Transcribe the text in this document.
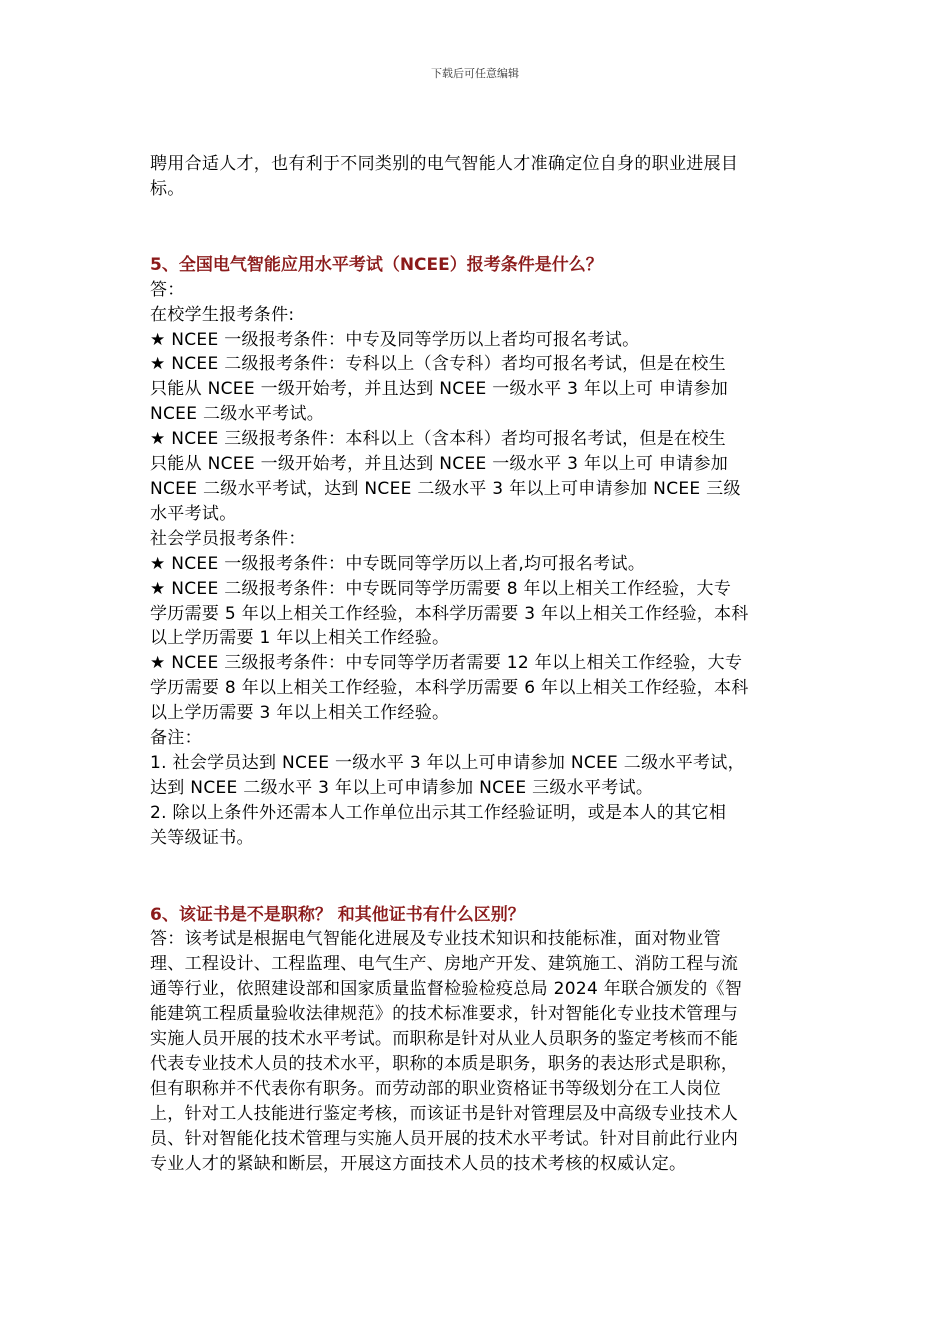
下载后可任意编辑
聘用合适人才，也有利于不同类别的电气智能人才准确定位自身的职业进展目
标。
5、全国电气智能应用水平考试（NCEE）报考条件是什么？
答：
在校学生报考条件:
★ NCEE 一级报考条件：中专及同等学历以上者均可报名考试。
★ NCEE 二级报考条件：专科以上（含专科）者均可报名考试，但是在校生
只能从 NCEE 一级开始考，并且达到 NCEE 一级水平 3 年以上可 申请参加
NCEE 二级水平考试。
★ NCEE 三级报考条件：本科以上（含本科）者均可报名考试，但是在校生
只能从 NCEE 一级开始考，并且达到 NCEE 一级水平 3 年以上可 申请参加
NCEE 二级水平考试，达到 NCEE 二级水平 3 年以上可申请参加 NCEE 三级
水平考试。
社会学员报考条件：
★ NCEE 一级报考条件：中专既同等学历以上者,均可报名考试。
★ NCEE 二级报考条件：中专既同等学历需要 8 年以上相关工作经验，大专
学历需要 5 年以上相关工作经验，本科学历需要 3 年以上相关工作经验，本科
以上学历需要 1 年以上相关工作经验。
★ NCEE 三级报考条件：中专同等学历者需要 12 年以上相关工作经验，大专
学历需要 8 年以上相关工作经验，本科学历需要 6 年以上相关工作经验，本科
以上学历需要 3 年以上相关工作经验。
备注：
1. 社会学员达到 NCEE 一级水平 3 年以上可申请参加 NCEE 二级水平考试，
达到 NCEE 二级水平 3 年以上可申请参加 NCEE 三级水平考试。
2. 除以上条件外还需本人工作单位出示其工作经验证明，或是本人的其它相
关等级证书。
6、该证书是不是职称？ 和其他证书有什么区别？
答：该考试是根据电气智能化进展及专业技术知识和技能标准，面对物业管
理、工程设计、工程监理、电气生产、房地产开发、建筑施工、消防工程与流
通等行业，依照建设部和国家质量监督检验检疫总局 2024 年联合颁发的《智
能建筑工程质量验收法律规范》的技术标准要求，针对智能化专业技术管理与
实施人员开展的技术水平考试。而职称是针对从业人员职务的鉴定考核而不能
代表专业技术人员的技术水平，职称的本质是职务，职务的表达形式是职称，
但有职称并不代表你有职务。而劳动部的职业资格证书等级划分在工人岗位
上，针对工人技能进行鉴定考核，而该证书是针对管理层及中高级专业技术人
员、针对智能化技术管理与实施人员开展的技术水平考试。针对目前此行业内
专业人才的紧缺和断层，开展这方面技术人员的技术考核的权威认定。
